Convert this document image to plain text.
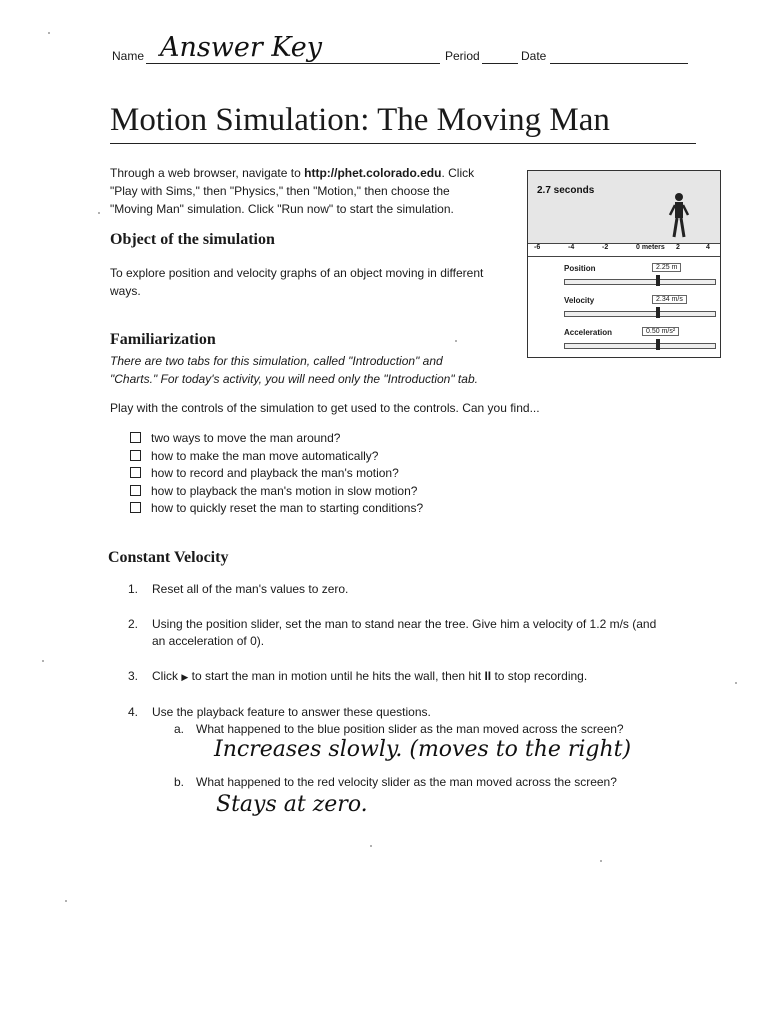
Name Answer Key	Period	Date
Motion Simulation: The Moving Man
Through a web browser, navigate to http://phet.colorado.edu. Click
"Play with Sims," then "Physics," then "Motion," then choose the
"Moving Man" simulation. Click "Run now" to start the simulation.
Object of the simulation
To explore position and velocity graphs of an object moving in different
ways.
Familiarization
There are two tabs for this simulation, called "Introduction" and
"Charts." For today's activity, you will need only the "Introduction" tab.
Play with the controls of the simulation to get used to the controls. Can you find...
two ways to move the man around?
how to make the man move automatically?
how to record and playback the man's motion?
how to playback the man's motion in slow motion?
how to quickly reset the man to starting conditions?
2.7 seconds
-6	-4	-2	0 meters 2	4
Position	2.25 m
Velocity	2.34 m/s
Acceleration	0.50 m/s²
Constant Velocity
1. Reset all of the man's values to zero.
2. Using the position slider, set the man to stand near the tree. Give him a velocity of 1.2 m/s (and
an acceleration of 0).
3. Click ▶ to start the man in motion until he hits the wall, then hit II to stop recording.
4. Use the playback feature to answer these questions.
a. What happened to the blue position slider as the man moved across the screen?
Increases slowly. (moves to the right)
b. What happened to the red velocity slider as the man moved across the screen?
Stays at zero.
